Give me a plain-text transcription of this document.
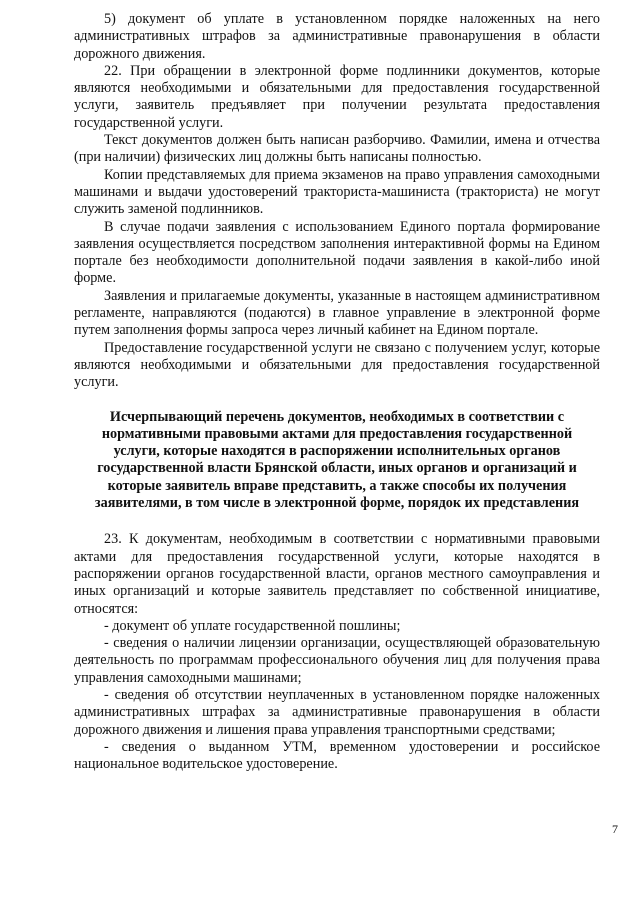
5) документ об уплате в установленном порядке наложенных на него административных штрафов за административные правонарушения в области дорожного движения.

22. При обращении в электронной форме подлинники документов, которые являются необходимыми и обязательными для предоставления государственной услуги, заявитель предъявляет при получении результата предоставления государственной услуги.

Текст документов должен быть написан разборчиво. Фамилии, имена и отчества (при наличии) физических лиц должны быть написаны полностью.

Копии представляемых для приема экзаменов на право управления самоходными машинами и выдачи удостоверений тракториста-машиниста (тракториста) не могут служить заменой подлинников.

В случае подачи заявления с использованием Единого портала формирование заявления осуществляется посредством заполнения интерактивной формы на Едином портале без необходимости дополнительной подачи заявления в какой-либо иной форме.

Заявления и прилагаемые документы, указанные в настоящем административном регламенте, направляются (подаются) в главное управление в электронной форме путем заполнения формы запроса через личный кабинет на Едином портале.

Предоставление государственной услуги не связано с получением услуг, которые являются необходимыми и обязательными для предоставления государственной услуги.

Исчерпывающий перечень документов, необходимых в соответствии с нормативными правовыми актами для предоставления государственной услуги, которые находятся в распоряжении исполнительных органов государственной власти Брянской области, иных органов и организаций и которые заявитель вправе представить, а также способы их получения заявителями, в том числе в электронной форме, порядок их представления

23. К документам, необходимым в соответствии с нормативными правовыми актами для предоставления государственной услуги, которые находятся в распоряжении органов государственной власти, органов местного самоуправления и иных организаций и которые заявитель представляет по собственной инициативе, относятся:

- документ об уплате государственной пошлины;

- сведения о наличии лицензии организации, осуществляющей образовательную деятельность по программам профессионального обучения лиц для получения права управления самоходными машинами;

- сведения об отсутствии неуплаченных в установленном порядке наложенных административных штрафах за административные правонарушения в области дорожного движения и лишения права управления транспортными средствами;

- сведения о выданном УТМ, временном удостоверении и российское национальное водительское удостоверение.

7
